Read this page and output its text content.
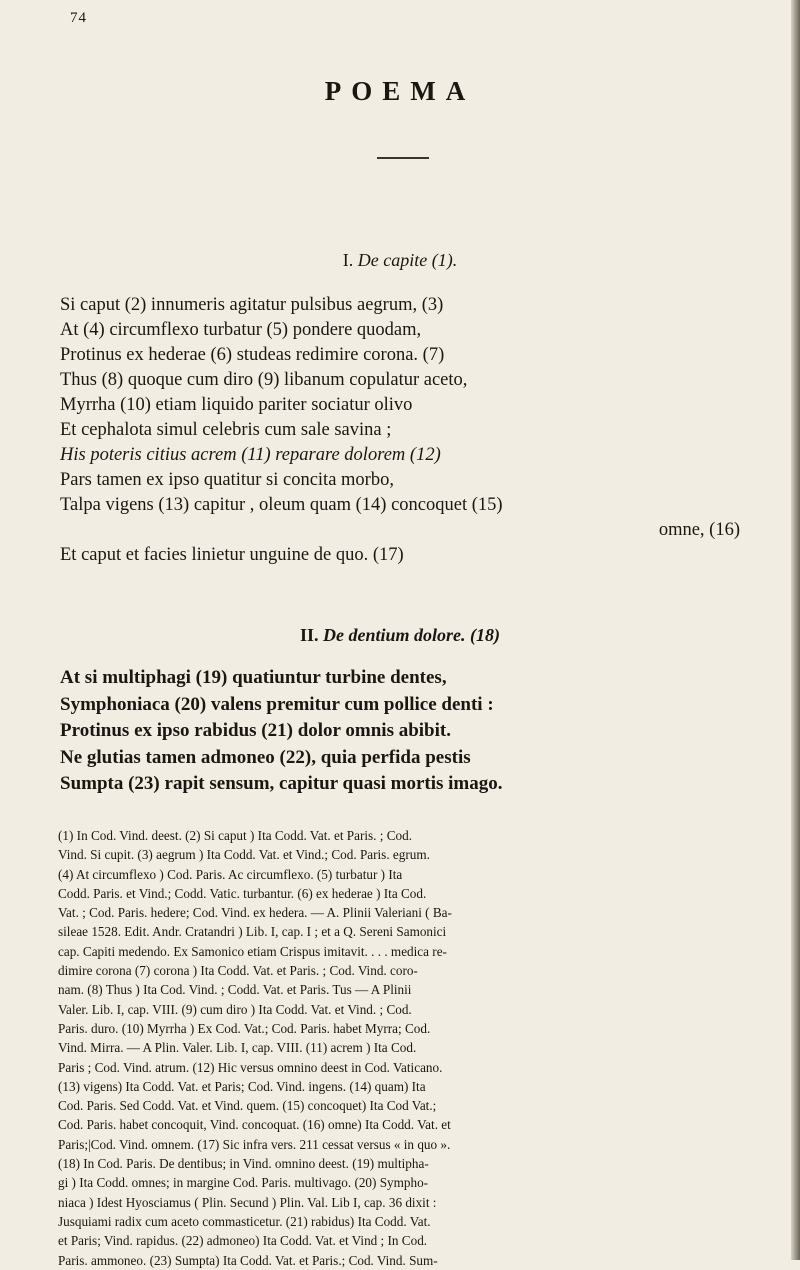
74
POEMA
I. De capite (1).
Si caput (2) innumeris agitatur pulsibus aegrum, (3)
At (4) circumflexo turbatur (5) pondere quodam,
Protinus ex hederae (6) studeas redimire corona. (7)
Thus (8) quoque cum diro (9) libanum copulatur aceto,
Myrrha (10) etiam liquido pariter sociatur olivo
Et cephalota simul celebris cum sale savina ;
His poteris citius acrem (11) reparare dolorem (12)
Pars tamen ex ipso quatitur si concita morbo,
Talpa vigens (13) capitur , oleum quam (14) concoquet (15)
omne, (16)
Et caput et facies linietur unguine de quo. (17)
II. De dentium dolore. (18)
At si multiphagi (19) quatiuntur turbine dentes,
Symphoniaca (20) valens premitur cum pollice denti :
Protinus ex ipso rabidus (21) dolor omnis abibit.
Ne glutias tamen admoneo (22), quia perfida pestis
Sumpta (23) rapit sensum, capitur quasi mortis imago.
(1) In Cod. Vind. deest. (2) Si caput ) Ita Codd. Vat. et Paris. ; Cod.
Vind. Si cupit. (3) aegrum ) Ita Codd. Vat. et Vind.; Cod. Paris. egrum.
(4) At circumflexo ) Cod. Paris. Ac circumflexo. (5) turbatur ) Ita
Codd. Paris. et Vind.; Codd. Vatic. turbantur. (6) ex hederae ) Ita Cod.
Vat. ; Cod. Paris. hedere; Cod. Vind. ex hedera. — A. Plinii Valeriani ( Ba-
sileae 1528. Edit. Andr. Cratandri ) Lib. I, cap. I ; et a Q. Sereni Samonici
cap. Capiti medendo. Ex Samonico etiam Crispus imitavit. . . . medica re-
dimire corona (7) corona ) Ita Codd. Vat. et Paris. ; Cod. Vind. coro-
nam. (8) Thus ) Ita Cod. Vind. ; Codd. Vat. et Paris. Tus — A Plinii
Valer. Lib. I, cap. VIII. (9) cum diro ) Ita Codd. Vat. et Vind. ; Cod.
Paris. duro. (10) Myrrha ) Ex Cod. Vat.; Cod. Paris. habet Myrra; Cod.
Vind. Mirra. — A Plin. Valer. Lib. I, cap. VIII. (11) acrem ) Ita Cod.
Paris ; Cod. Vind. atrum. (12) Hic versus omnino deest in Cod. Vaticano.
(13) vigens) Ita Codd. Vat. et Paris; Cod. Vind. ingens. (14) quam) Ita
Cod. Paris. Sed Codd. Vat. et Vind. quem. (15) concoquet) Ita Cod Vat.;
Cod. Paris. habet concoquit, Vind. concoquat. (16) omne) Ita Codd. Vat. et
Paris;|Cod. Vind. omnem. (17) Sic infra vers. 211 cessat versus « in quo ».
(18) In Cod. Paris. De dentibus; in Vind. omnino deest. (19) multipha-
gi ) Ita Codd. omnes; in margine Cod. Paris. multivago. (20) Sympho-
niaca ) Idest Hyosciamus ( Plin. Secund ) Plin. Val. Lib I, cap. 36 dixit :
Jusquiami radix cum aceto commasticetur. (21) rabidus) Ita Codd. Vat.
et Paris; Vind. rapidus. (22) admoneo) Ita Codd. Vat. et Vind ; In Cod.
Paris. ammoneo. (23) Sumpta) Ita Codd. Vat. et Paris.; Cod. Vind. Sum-
